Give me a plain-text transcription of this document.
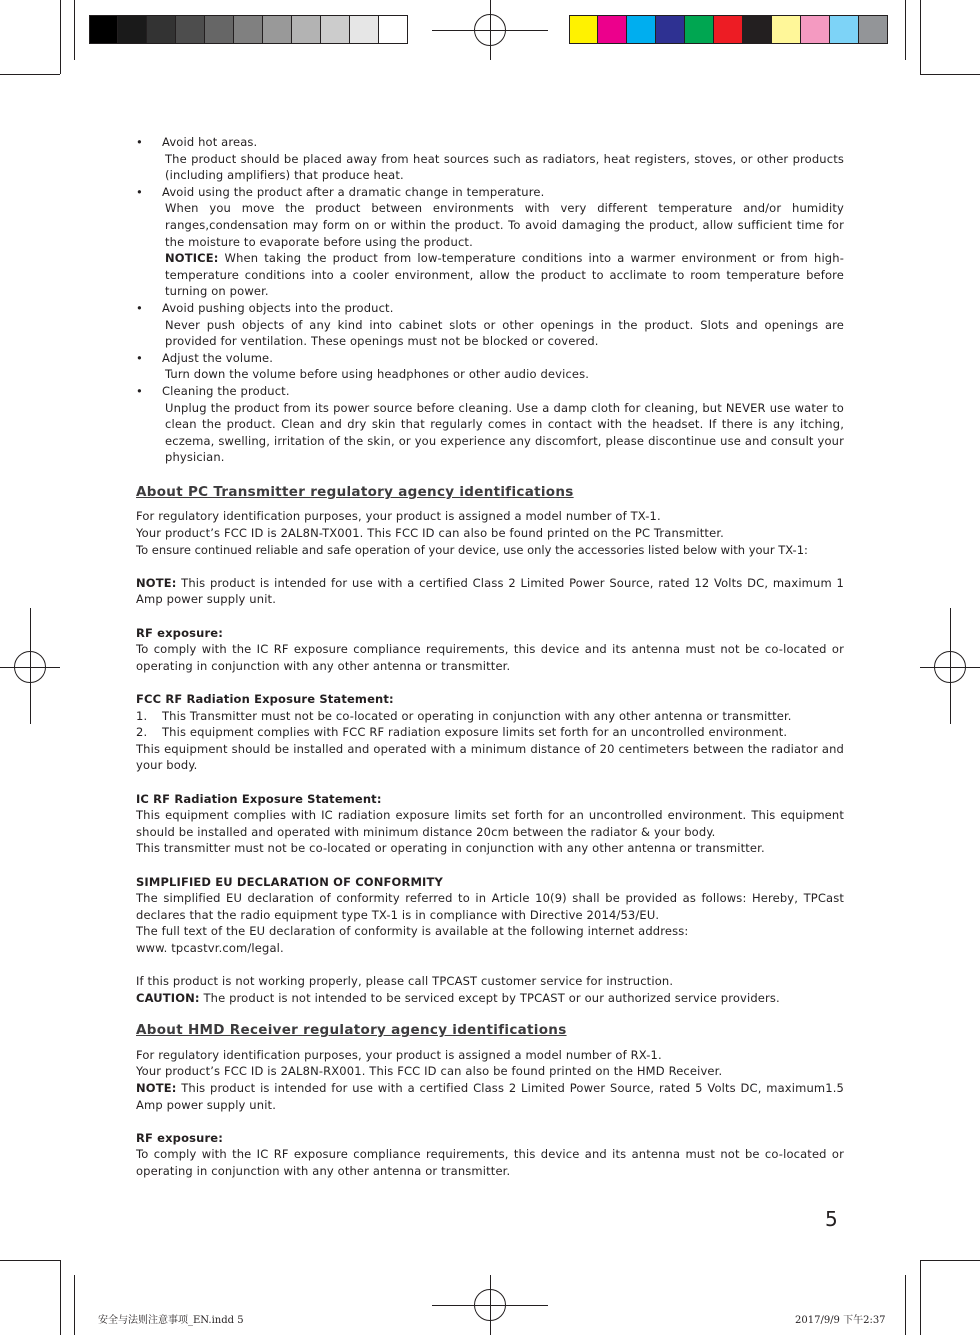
• Avoid hot areas.

The product should be placed away from heat sources such as radiators, heat registers, stoves, or other products (including amplifiers) that produce heat.

• Avoid using the product after a dramatic change in temperature.

When you move the product between environments with very different temperature and/or humidity ranges,condensation may form on or within the product. To avoid damaging the product, allow sufficient time for the moisture to evaporate before using the product.

NOTICE: When taking the product from low-temperature conditions into a warmer environment or from high-temperature conditions into a cooler environment, allow the product to acclimate to room temperature before turning on power.

• Avoid pushing objects into the product.

Never push objects of any kind into cabinet slots or other openings in the product. Slots and openings are provided for ventilation. These openings must not be blocked or covered.

• Adjust the volume.

Turn down the volume before using headphones or other audio devices.

• Cleaning the product.

Unplug the product from its power source before cleaning. Use a damp cloth for cleaning, but NEVER use water to clean the product. Clean and dry skin that regularly comes in contact with the headset. If there is any itching, eczema, swelling, irritation of the skin, or you experience any discomfort, please discontinue use and consult your physician.

About PC Transmitter regulatory agency identifications

For regulatory identification purposes, your product is assigned a model number of TX-1.

Your product’s FCC ID is 2AL8N-TX001. This FCC ID can also be found printed on the PC Transmitter.

To ensure continued reliable and safe operation of your device, use only the accessories listed below with your TX-1:

NOTE: This product is intended for use with a certified Class 2 Limited Power Source, rated 12 Volts DC, maximum 1 Amp power supply unit.

RF exposure:

To comply with the IC RF exposure compliance requirements, this device and its antenna must not be co-located or operating in conjunction with any other antenna or transmitter.

FCC RF Radiation Exposure Statement:

1. This Transmitter must not be co-located or operating in conjunction with any other antenna or transmitter.

2. This equipment complies with FCC RF radiation exposure limits set forth for an uncontrolled environment.

This equipment should be installed and operated with a minimum distance of 20 centimeters between the radiator and your body.

IC RF Radiation Exposure Statement:

This equipment complies with IC radiation exposure limits set forth for an uncontrolled environment. This equipment should be installed and operated with minimum distance 20cm between the radiator & your body.

This transmitter must not be co-located or operating in conjunction with any other antenna or transmitter.

SIMPLIFIED EU DECLARATION OF CONFORMITY

The simplified EU declaration of conformity referred to in Article 10(9) shall be provided as follows: Hereby, TPCast declares that the radio equipment type TX-1 is in compliance with Directive 2014/53/EU.

The full text of the EU declaration of conformity is available at the following internet address:

www. tpcastvr.com/legal.

If this product is not working properly, please call TPCAST customer service for instruction.

CAUTION: The product is not intended to be serviced except by TPCAST or our authorized service providers.

About HMD Receiver regulatory agency identifications

For regulatory identification purposes, your product is assigned a model number of RX-1.

Your product’s FCC ID is 2AL8N-RX001. This FCC ID can also be found printed on the HMD Receiver.

NOTE: This product is intended for use with a certified Class 2 Limited Power Source, rated 5 Volts DC, maximum1.5 Amp power supply unit.

RF exposure:

To comply with the IC RF exposure compliance requirements, this device and its antenna must not be co-located or operating in conjunction with any other antenna or transmitter.

5
安全与法则注意事项_EN.indd 5	2017/9/9 下午2:37
